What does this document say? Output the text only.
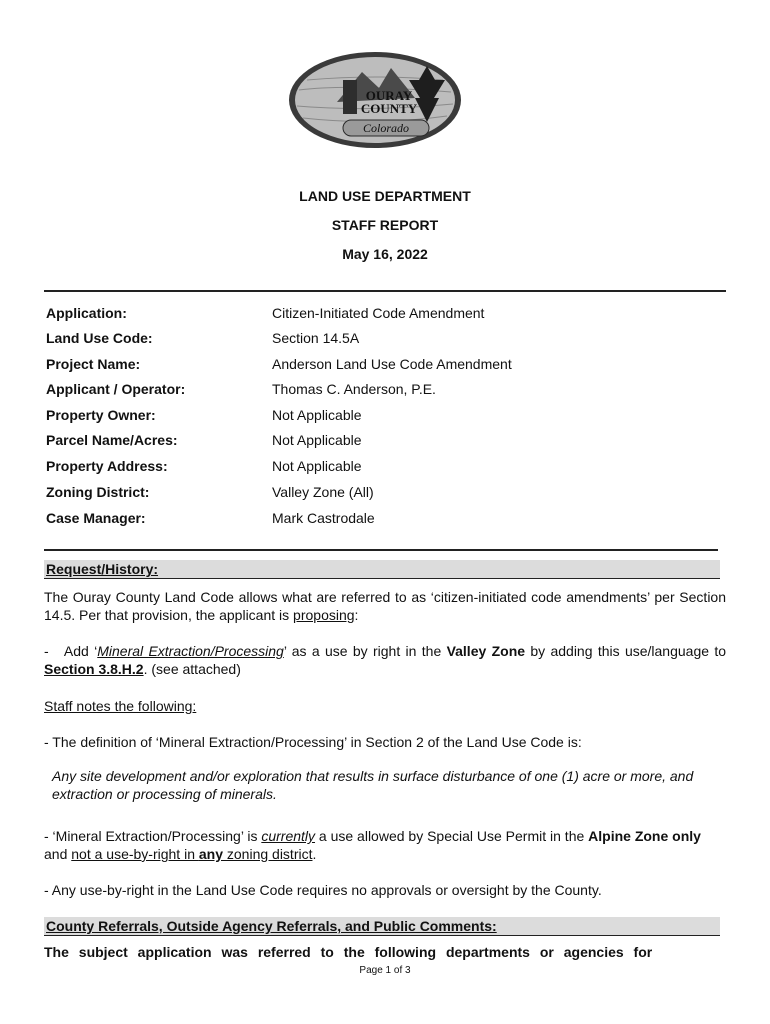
OURAY
COUNTY
Colorado
LAND USE DEPARTMENT
STAFF REPORT
May 16, 2022
Application:	Citizen-Initiated Code Amendment
Land Use Code:	Section 14.5A
Project Name:	Anderson Land Use Code Amendment
Applicant / Operator:	Thomas C. Anderson, P.E.
Property Owner:	Not Applicable
Parcel Name/Acres:	Not Applicable
Property Address:	Not Applicable
Zoning District:	Valley Zone (All)
Case Manager:	Mark Castrodale
Request/History:
The Ouray County Land Code allows what are referred to as ‘citizen-initiated code amendments’ per Section 14.5. Per that provision, the applicant is proposing:
-   Add ‘Mineral Extraction/Processing’ as a use by right in the Valley Zone by adding this use/language to Section 3.8.H.2. (see attached)
Staff notes the following:
- The definition of ‘Mineral Extraction/Processing’ in Section 2 of the Land Use Code is:
Any site development and/or exploration that results in surface disturbance of one (1) acre or more, and extraction or processing of minerals.
- ‘Mineral Extraction/Processing’ is currently a use allowed by Special Use Permit in the Alpine Zone only and not a use-by-right in any zoning district.
- Any use-by-right in the Land Use Code requires no approvals or oversight by the County.
County Referrals, Outside Agency Referrals, and Public Comments:
The subject application was referred to the following departments or agencies for
Page 1 of 3
